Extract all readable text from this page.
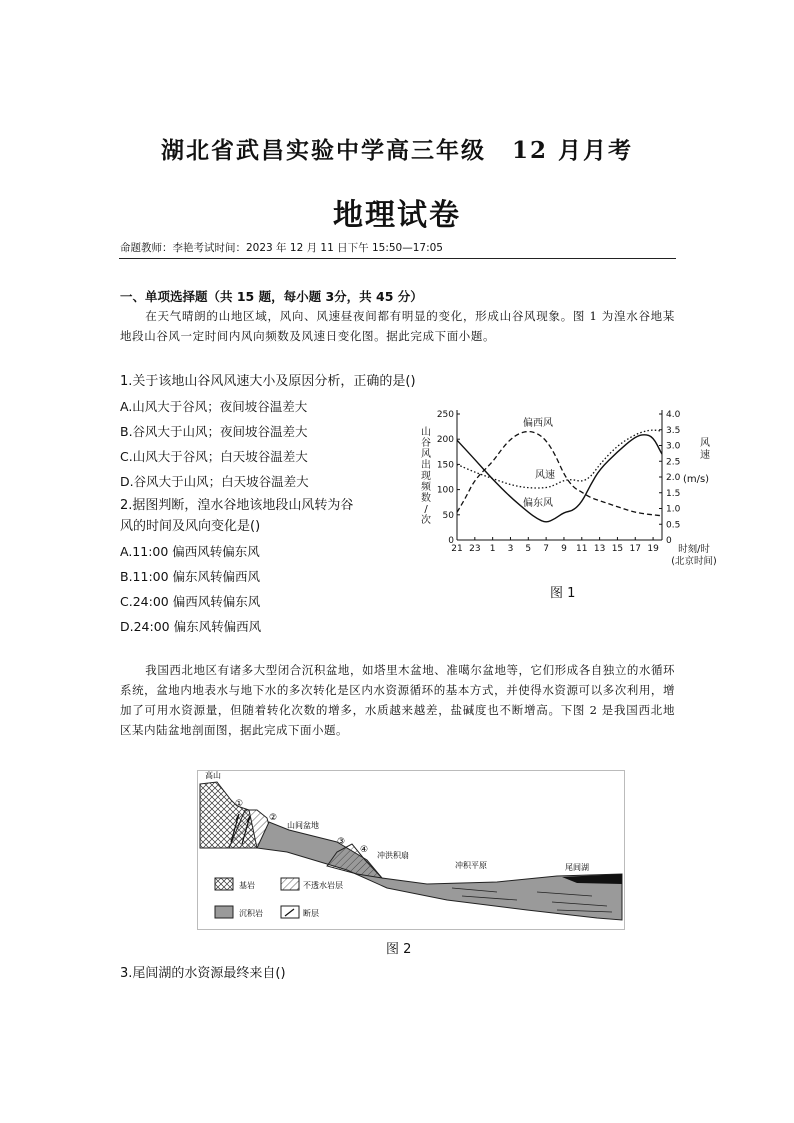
湖北省武昌实验中学高三年级 12 月月考
地理试卷
命题教师：李艳考试时间：2023 年 12 月 11 日下午 15:50—17:05
一、单项选择题（共 15 题，每小题 3分，共 45 分）
在天气晴朗的山地区域，风向、风速昼夜间都有明显的变化，形成山谷风现象。图 1 为湟水谷地某地段山谷风一定时间内风向频数及风速日变化图。据此完成下面小题。
1.关于该地山谷风风速大小及原因分析，正确的是()
A.山风大于谷风；夜间坡谷温差大
B.谷风大于山风；夜间坡谷温差大
C.山风大于谷风；白天坡谷温差大
D.谷风大于山风；白天坡谷温差大
2.据图判断，湟水谷地该地段山风转为谷
风的时间及风向变化是()
A.11:00 偏西风转偏东风
B.11:00 偏东风转偏西风
C.24:00 偏西风转偏东风
D.24:00 偏东风转偏西风
0
50
100
150
200
250
0
0.5
1.0
1.5
2.0
2.5
3.0
3.5
4.0
21 23 1 3 5 7 9 11 13 15 17 19
山
谷
风
出
现
频
数
/
次
风
速
(m/s)
时刻/时
(北京时间)
偏西风
偏东风
风速
图 1
我国西北地区有诸多大型闭合沉积盆地，如塔里木盆地、准噶尔盆地等，它们形成各自独立的水循环系统，盆地内地表水与地下水的多次转化是区内水资源循环的基本方式，并使得水资源可以多次利用，增加了可用水资源量，但随着转化次数的增多，水质越来越差，盐碱度也不断增高。下图 2 是我国西北地区某内陆盆地剖面图，据此完成下面小题。
高山
①
②
山间盆地
③
④
冲洪积扇
冲积平原	尾闾湖
基岩	不透水岩层
沉积岩	断层
图 2
3.尾闾湖的水资源最终来自()
